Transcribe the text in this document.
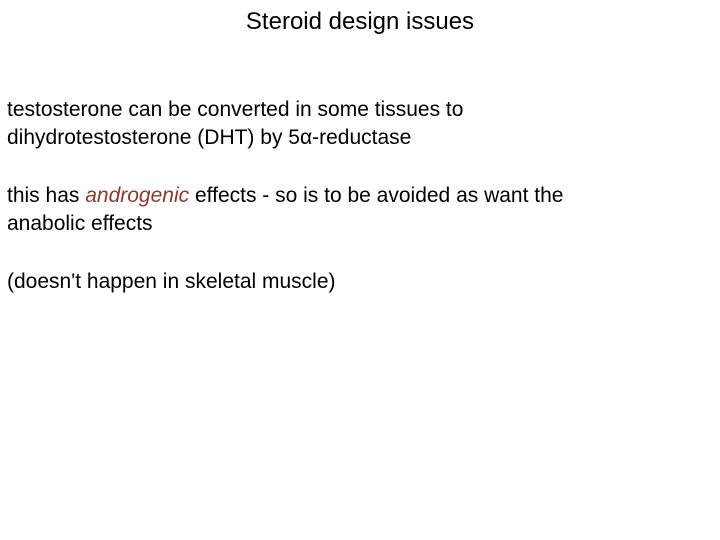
Steroid design issues

testosterone can be converted in some tissues to
dihydrotestosterone (DHT) by 5α-reductase

this has androgenic effects - so is to be avoided as want the
anabolic effects

(doesn't happen in skeletal muscle)
